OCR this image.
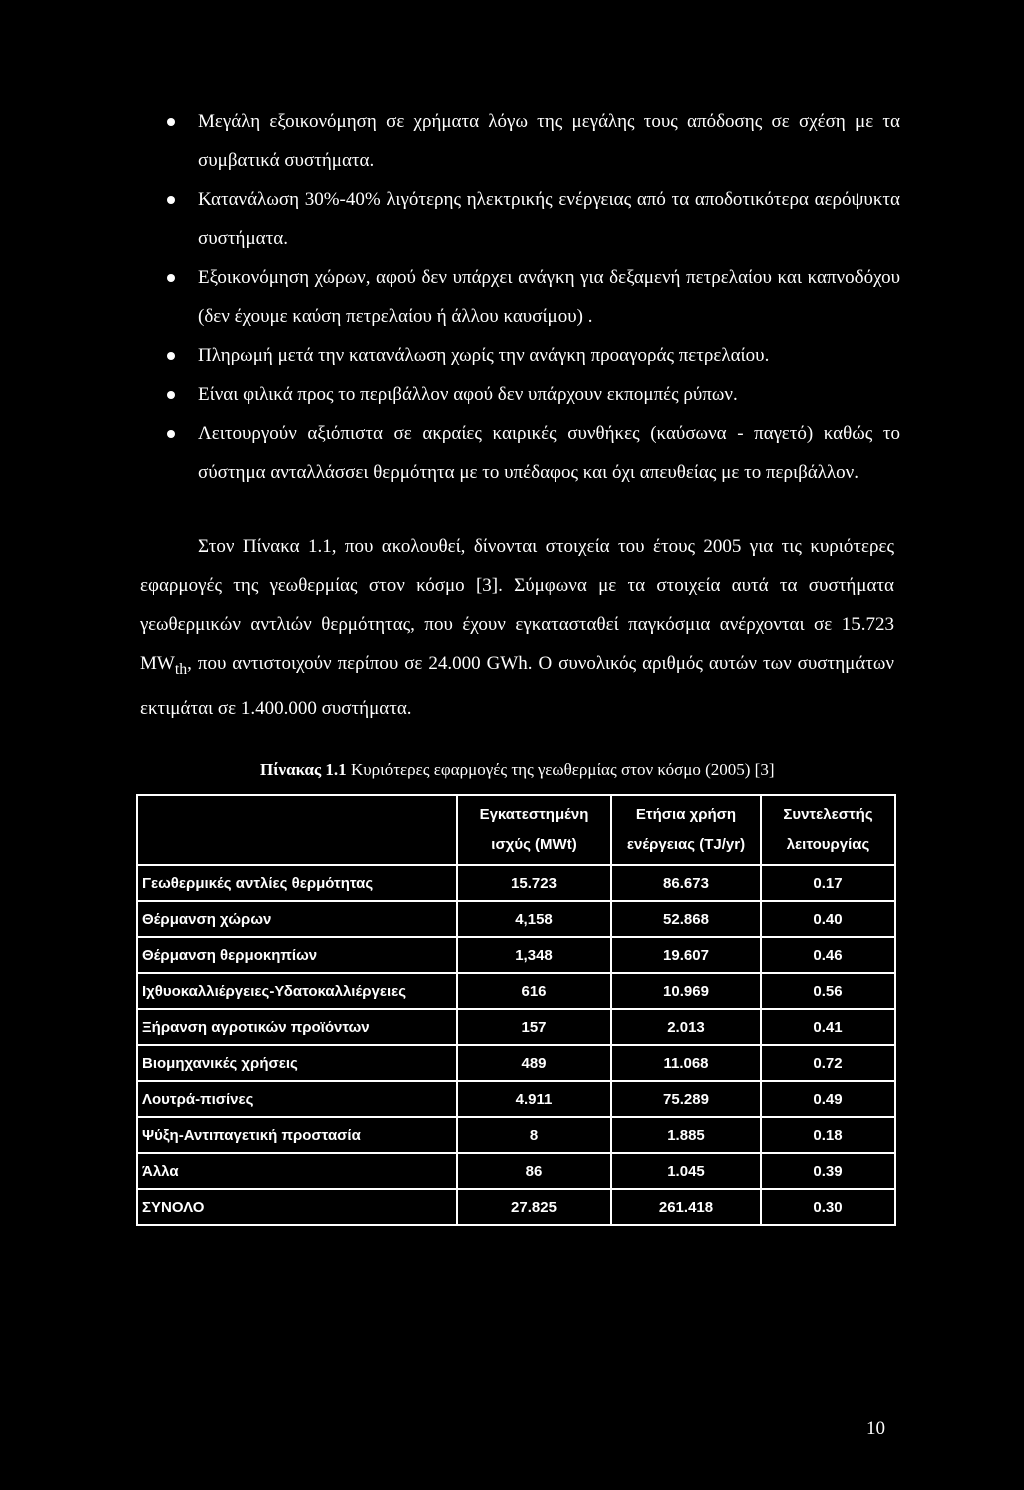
Μεγάλη εξοικονόμηση σε χρήματα λόγω της μεγάλης τους απόδοσης σε σχέση με τα συμβατικά συστήματα.
Κατανάλωση 30%-40% λιγότερης ηλεκτρικής ενέργειας από τα αποδοτικότερα αερόψυκτα συστήματα.
Εξοικονόμηση χώρων, αφού δεν υπάρχει ανάγκη για δεξαμενή πετρελαίου και καπνοδόχου (δεν έχουμε καύση πετρελαίου ή άλλου καυσίμου) .
Πληρωμή μετά την κατανάλωση χωρίς την ανάγκη προαγοράς πετρελαίου.
Είναι φιλικά προς το περιβάλλον αφού δεν υπάρχουν εκπομπές ρύπων.
Λειτουργούν αξιόπιστα σε ακραίες καιρικές συνθήκες (καύσωνα - παγετό) καθώς το σύστημα ανταλλάσσει θερμότητα με το υπέδαφος και όχι απευθείας με το περιβάλλον.

Στον Πίνακα 1.1, που ακολουθεί, δίνονται στοιχεία του έτους 2005 για τις κυριότερες εφαρμογές της γεωθερμίας στον κόσμο [3]. Σύμφωνα με τα στοιχεία αυτά τα συστήματα γεωθερμικών αντλιών θερμότητας, που έχουν εγκατασταθεί παγκόσμια ανέρχονται σε 15.723 $MW_{th}$, που αντιστοιχούν περίπου σε 24.000 GWh. Ο συνολικός αριθμός αυτών των συστημάτων εκτιμάται σε 1.400.000 συστήματα.

Πίνακας 1.1 Κυριότερες εφαρμογές της γεωθερμίας στον κόσμο (2005) [3]

	Εγκατεστημένη ισχύς (MWt)	Ετήσια χρήση ενέργειας (TJ/yr)	Συντελεστής λειτουργίας
Γεωθερμικές αντλίες θερμότητας	15.723	86.673	0.17
Θέρμανση χώρων	4,158	52.868	0.40
Θέρμανση θερμοκηπίων	1,348	19.607	0.46
Ιχθυοκαλλιέργειες-Υδατοκαλλιέργειες	616	10.969	0.56
Ξήρανση αγροτικών προϊόντων	157	2.013	0.41
Βιομηχανικές χρήσεις	489	11.068	0.72
Λουτρά-πισίνες	4.911	75.289	0.49
Ψύξη-Αντιπαγετική προστασία	8	1.885	0.18
Άλλα	86	1.045	0.39
ΣΥΝΟΛΟ	27.825	261.418	0.30
10
